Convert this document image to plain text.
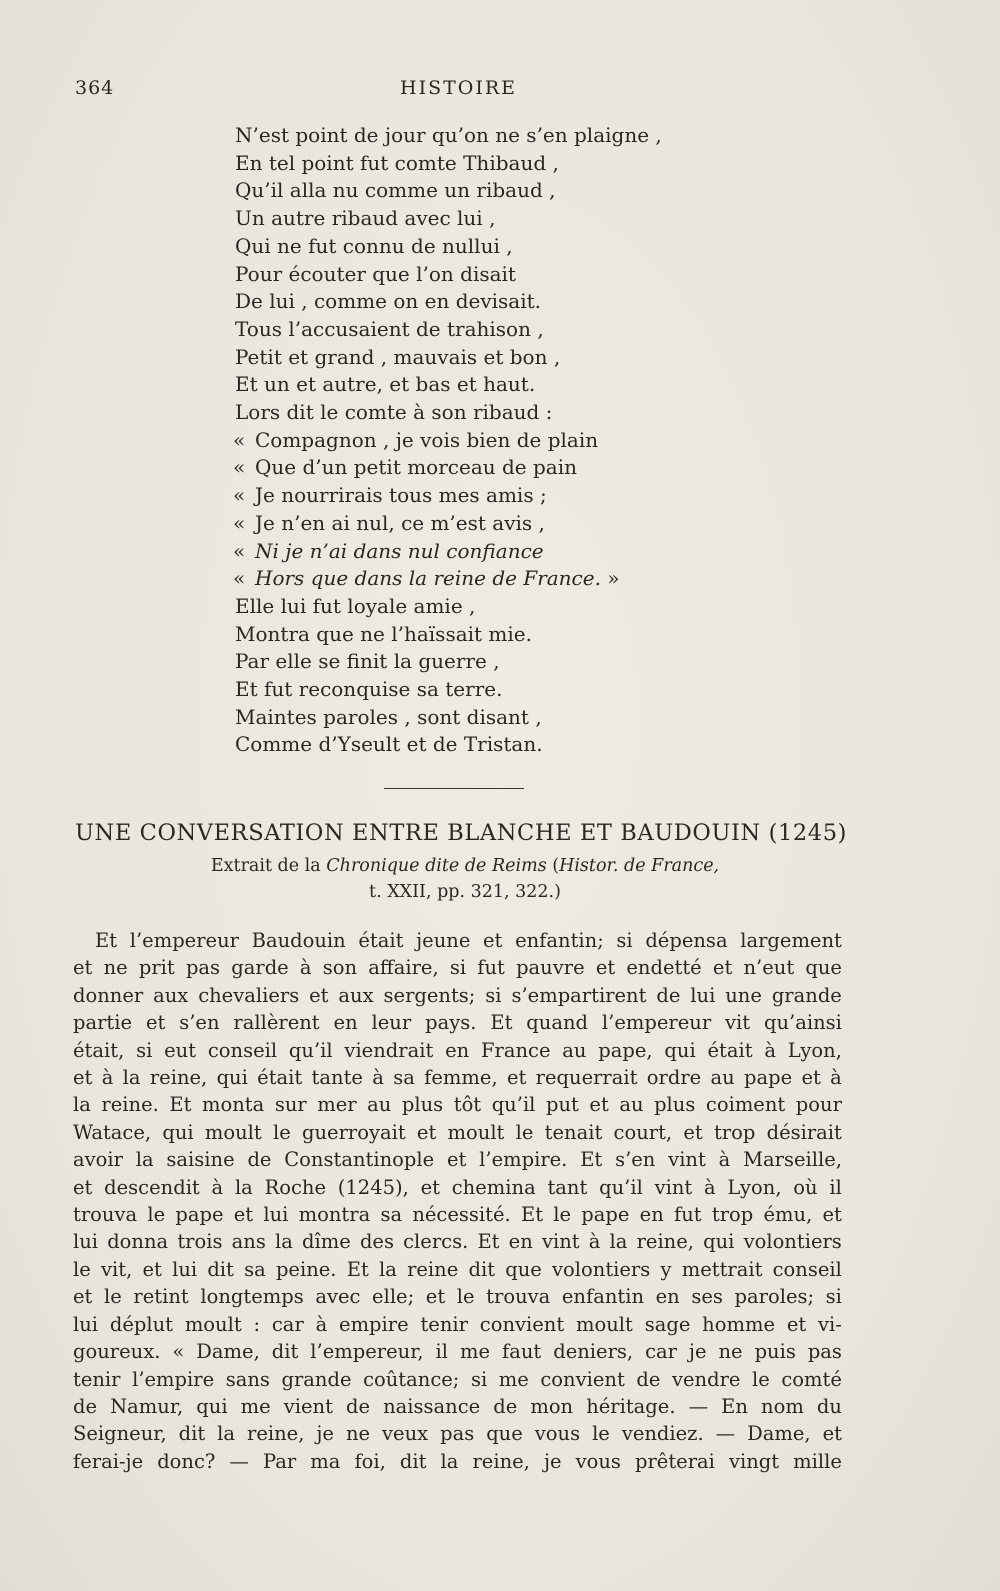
364	HISTOIRE
N’est point de jour qu’on ne s’en plaigne ,
En tel point fut comte Thibaud ,
Qu’il alla nu comme un ribaud ,
Un autre ribaud avec lui ,
Qui ne fut connu de nullui ,
Pour écouter que l’on disait
De lui , comme on en devisait.
Tous l’accusaient de trahison ,
Petit et grand , mauvais et bon ,
Et un et autre, et bas et haut.
Lors dit le comte à son ribaud :
« Compagnon , je vois bien de plain
« Que d’un petit morceau de pain
« Je nourrirais tous mes amis ;
« Je n’en ai nul, ce m’est avis ,
« Ni je n’ai dans nul confiance
« Hors que dans la reine de France. »
Elle lui fut loyale amie ,
Montra que ne l’haïssait mie.
Par elle se finit la guerre ,
Et fut reconquise sa terre.
Maintes paroles , sont disant ,
Comme d’Yseult et de Tristan.
UNE CONVERSATION ENTRE BLANCHE ET BAUDOUIN (1245)
Extrait de la Chronique dite de Reims (Histor. de France,
t. XXII, pp. 321, 322.)
Et l’empereur Baudouin était jeune et enfantin; si dépensa largement
et ne prit pas garde à son affaire, si fut pauvre et endetté et n’eut que
donner aux chevaliers et aux sergents; si s’empartirent de lui une grande
partie et s’en rallèrent en leur pays. Et quand l’empereur vit qu’ainsi
était, si eut conseil qu’il viendrait en France au pape, qui était à Lyon,
et à la reine, qui était tante à sa femme, et requerrait ordre au pape et à
la reine. Et monta sur mer au plus tôt qu’il put et au plus coiment pour
Watace, qui moult le guerroyait et moult le tenait court, et trop désirait
avoir la saisine de Constantinople et l’empire. Et s’en vint à Marseille,
et descendit à la Roche (1245), et chemina tant qu’il vint à Lyon, où il
trouva le pape et lui montra sa nécessité. Et le pape en fut trop ému, et
lui donna trois ans la dîme des clercs. Et en vint à la reine, qui volontiers
le vit, et lui dit sa peine. Et la reine dit que volontiers y mettrait conseil
et le retint longtemps avec elle; et le trouva enfantin en ses paroles; si
lui déplut moult : car à empire tenir convient moult sage homme et vi-
goureux. « Dame, dit l’empereur, il me faut deniers, car je ne puis pas
tenir l’empire sans grande coûtance; si me convient de vendre le comté
de Namur, qui me vient de naissance de mon héritage. — En nom du
Seigneur, dit la reine, je ne veux pas que vous le vendiez. — Dame, et
ferai-je donc? — Par ma foi, dit la reine, je vous prêterai vingt mille
